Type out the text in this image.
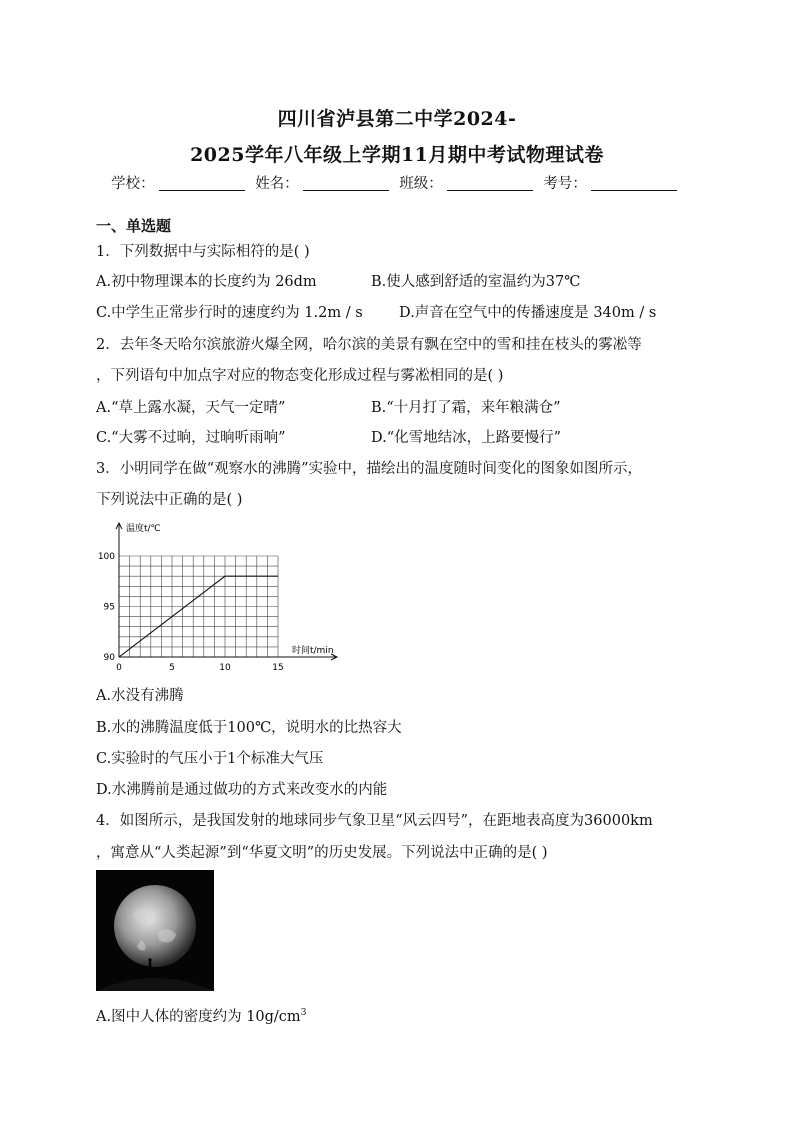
四川省泸县第二中学2024-
2025学年八年级上学期11月期中考试物理试卷
学校：	姓名：	班级：	考号：
一、单选题
1．下列数据中与实际相符的是( )
A.初中物理课本的长度约为 26dm	B.使人感到舒适的室温约为37℃
C.中学生正常步行时的速度约为 1.2m / s	D.声音在空气中的传播速度是 340m / s
2．去年冬天哈尔滨旅游火爆全网，哈尔滨的美景有飘在空中的雪和挂在枝头的雾凇等
，下列语句中加点字对应的物态变化形成过程与雾凇相同的是( )
A.“草上露水凝，天气一定晴”	B.“十月打了霜，来年粮满仓”
C.“大雾不过晌，过晌听雨响”	D.“化雪地结冰，上路要慢行”
3．小明同学在做“观察水的沸腾”实验中，描绘出的温度随时间变化的图象如图所示，
下列说法中正确的是( )
0	5	10	15
90
95
100
温度t/℃
时间t/min
A.水没有沸腾
B.水的沸腾温度低于100℃，说明水的比热容大
C.实验时的气压小于1个标准大气压
D.水沸腾前是通过做功的方式来改变水的内能
4．如图所示，是我国发射的地球同步气象卫星“风云四号”，在距地表高度为36000km
，寓意从“人类起源”到“华夏文明”的历史发展。下列说法中正确的是( )
A.图中人体的密度约为 $10g/cm^3$
